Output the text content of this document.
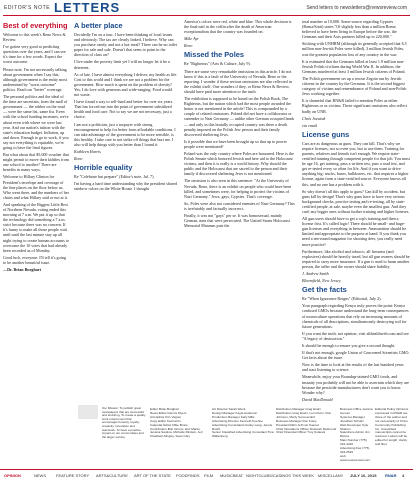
EDITOR'S NOTE LETTERS	Send letters to newsletters@newsreview.com
Best of everything

Welcome to this week's Reno News & Review.

I've gotten very good at predicting questions over the years, and I can see it's time for a few words. Expect the worst outcome.

Please note, I'm not necessarily talking about government when I say this, although government is the entity most undermined by "worst outcome" politics. Read our "better" coverage.

The personal politics and the ideal of the time are uncertain, from the mall of government — the robber on the road — were the same list, same list. Even with the school funding increases, we're about even with where we were last year. And our nation's tuition with the state's education budget. Inflation, up and down. Enough to go to work, if you say not everything is equitable, we're going to have the final figures.

But what about that $5,000 voucher that might permit to move their kiddies from one school to another? There are benefits in many ways.

Welcome to Hillary Clinton for President's envelope and coverage of the fine places on the floor below us. Who went there, and the numbers of her chairs and what Hillary said or not at it.

And speaking of the Biggest Little Best of Northern Nevada, voting ended this morning at 7 a.m. We put it up so that the technology did something a 7 a.m. strict because there was no concern. If it's funny to make all those people wait until until the last minute stay up all night trying to create human accounts to overcome the 10 votes that had already been recorded as of Monday.

Good luck, everyone. I'll tell it's going to be another beautiful issue.

—Dr. Brian Burghart

A better place

Decidedly I'm on a tour. I have been thinking of local issues and obviously. The tax are clearly linked, I believe. Why can you purchase candy, and not a hot meal? There can be no toilet paper for sale and sale. Doesn't that seem to point in the direction of class on?

I live under the poverty limit yet I will no longer let it be a deterrent.

As of late, I have almost everything I deliver, my health as life. Cost to this world and I think we are not a problem for the government. How much is spent on the problem of obesity? Yes, I do love with generous and wide-ranging. Food would not waste.

I have found a way to self-fund and better for over six years. That has forced me into the point of government subsidized health and food care. Not to say we are not necessary, just a choice.

I am not a politician, just a taxpayer with strong encouragement to help for better from affordable conditions. I can take advantage of the government to be more sensible, is this healthy. I take care to not strike off things that hurt me. I also will help things with you better than I found it.

Kathleen Harris

Reno

Horrible equality

Re "Celebrate but prepare" (Editor's note, Jul. 7).

I'm having a hard time understanding why the president shared rainbow colors on the White House. I thought

America's colors were red, white and blue. This whole decision is the final nail in the coffin after the death of American exceptionalism that the country was founded on.

Mike Ayr

Reno

Missed the Poles

Re "Righteous" (Arts & Culture, July 9).

There are some very remarkable omissions in this article. I do not know if this is a fault of the University of Nevada, Reno or the reporting. I wonder if these serious omissions are also reflected in the exhibit itself. One wonders if they, or Reno News & Review, should have paid more attention to the truth.

The exhibition is supposed to be based on the Polish Book, The Righteous, but the nation which had the most people awarded the honor is not mentioned in the article! This is compounded by a couple of related omissions. Poland did not have a collaborator or surrender to Nazi Germany — unlike other German occupied lands — and only in this brutally occupied country was there a death penalty imposed on the Polish Jew person and their family discovered sheltering Jews.

Is it possible that we have been brought up so that up to poorer people were mentioned!

Poland was the only country where Poles are honoured. Here is the Polish Senate which honored Jewish and here aid to the Holocaust victims, and then it is really is a world history. Why should the public and the Holocaust that are sacred to the person and their family if discovered sheltering Jews is not mentioned.

The omission is also seen in this sentence: "At the University of Nevada, Reno, there is an exhibit on people who could have been killed, and sometimes were, for helping to protect the victims of Nazi Germany." Jews, gays, Gypsies. That's coverage.

So, Poles were also not considered enemies of Nazi Germany? This is irrefutably and factually incorrect.

Finally, it was not "gays" per se. It was homosexual, mainly German, men that were persecuted. The United States Holocaust Memorial Museum puts the

total number at 10,000. Some source regarding Gypsies (Roma/Sinti) states "Of slightly less than a million Roma believed to have been living in Europe before the war, the Germans and their Axis partners killed up to 220,000."

Sticking with UNHRM (although its generally accepted that 6.5 million non-Jewish Poles were killed), 3 million Jewish Poles, was the greatest population loss of any country in the war.

It is estimated that the Germans killed at least 1.9 million non-Jewish Polish civilians during World War II. In addition, the Germans murdered at least 3 million Jewish citizens of Poland.

The Polish government set up a rescue Zegota run by Jewish citizens in the country by the Germans. It is the second biggest category of victims and remembrance of Poland and non-Polish Jews working together.

It is shameful that RN&R failed to mention Poles as either Righteous or as victims. These significant omissions also reflect badly on UNR.

Chris Jozwiak

via email

License guns

Cars are as dangerous as guns. They can kill. That's why we require licenses, not so even you, but to use them. Training for parents, relatives and friends isn't enough. We require state-certified training through competent people for that job. You must be age 16, get training, pass a written test, pass a road test, and get re-tested every so often for life. And if you want to drive anything big: trucks, buses, bulldozers, etc. that requires a higher license, again from a state-certified source. Everyone knows all this, and no one has a problem with it.

So why doesn't all this apply to guns? Can kill by accident, but guns kill by design! That's why guns have to have very serious background checks, practice testing and re-testing, all by state-certified people, at sale, maybe even the smallest gun. And they can't any bigger ones without further training and higher licenses.

All gun users should have to get a cop's training and then a license first. It's called logic! There should be small- and huge-gun licenses and everything in between. Ammunition should be limited and appropriate to the purpose at hand. If you think you need a ten-round magazine for shooting deer, you really need more practice!

Furthermore, like alcohol and tobacco, all firearms (and explosives) should be heavily taxed, but all gun owners should be required to carry more insurance. If a gun is used to harm another person, the seller and the owner should share liability.

J. Andrew Smith

Bloomfield, New Jersey

Get the facts

Re "When Ignorance Reigns" (Editorial, July 2).

Your paragraph regarding Kenya truly proves the point: Kenya confused GMOs because understand the long-term consequences of monoculture operations that rely on increasing amounts of chemicals of all descriptions, simultaneously destroying soil for future generations.

If you want the truth, not opinion, visit althealthweb.com and see "A legacy of destruction."

It should be enough to ensure you give a second thought.

If that's not enough, google Union of Concerned Scientists GMO. Get facts about the issue.

Now is the time to look at the results of the last hundred years and start listening to science.

Meanwhile, enjoy your Roundup-tainted GMO foods, and insanity you probably will not be able to ascertain which they are because the pesticide manufacturers don't want you to know. Wonder why?

David MacDonald

Our Mission: To publish great newspapers that are successful and enduring. To create a quality work environment that encourages honesty, loyalty, creativity, innovation and teamwork. To have a positive impact on our communities and the larger society.
Editor Brian Burghart
News Editor Dennis Myers
Arts Editor Kris Vagner
Copy Editor Kat Kerlin
Calendar Editor Mike Bruce
Contributors Bob Grimm, Eric Marks, Jessica Santina, Michelle Rindels, Jeri Chadwell-Singley, Sean Cary
Art Director Sarah Weck
Design Manager Kayla Anderson
Production Manager Kelly Mills
Advertising Director Kenneth Kuehne
Advertising Consultants Kelley Lang, Jennie Ruehl
Senior Classified Advertising Consultant Tina Wallenberg
Distribution Manager Greg Erwin
Distribution Greg Erwin, Lem Dunn, Ron Johnson, Marty Sommerdorf
Business Manager Ron Foley
President/CEO Jeff von Kaenel
Chief Operations Officer Deborah Redmond
Chief Financial Officer Troy Kolacek
Business Office Jessica Gomez
Systems Manager Jonathan Schultz
Web Developer Kyle Shelton
Salesforce Admin Jim Rivera
Main Number (775) 324-4440
Advertising Fax (775) 324-2515
web www.newsreview.com
Editorial Policy Opinions expressed in RN&R are those of the author and not necessarily of Chico Community Publishing Inc. Unsolicited manuscripts cannot be returned. Letters will be edited for length, clarity and libel.
OPINION	NEWS	FEATURE STORY ARTS&CULTURE ART OF THE STATE FOODFINDS FILM MUSICBEAT NIGHTCLUBS/CASINOS THIS WEEK MISCELLANY JULY 16, 2015 RN&R 4
